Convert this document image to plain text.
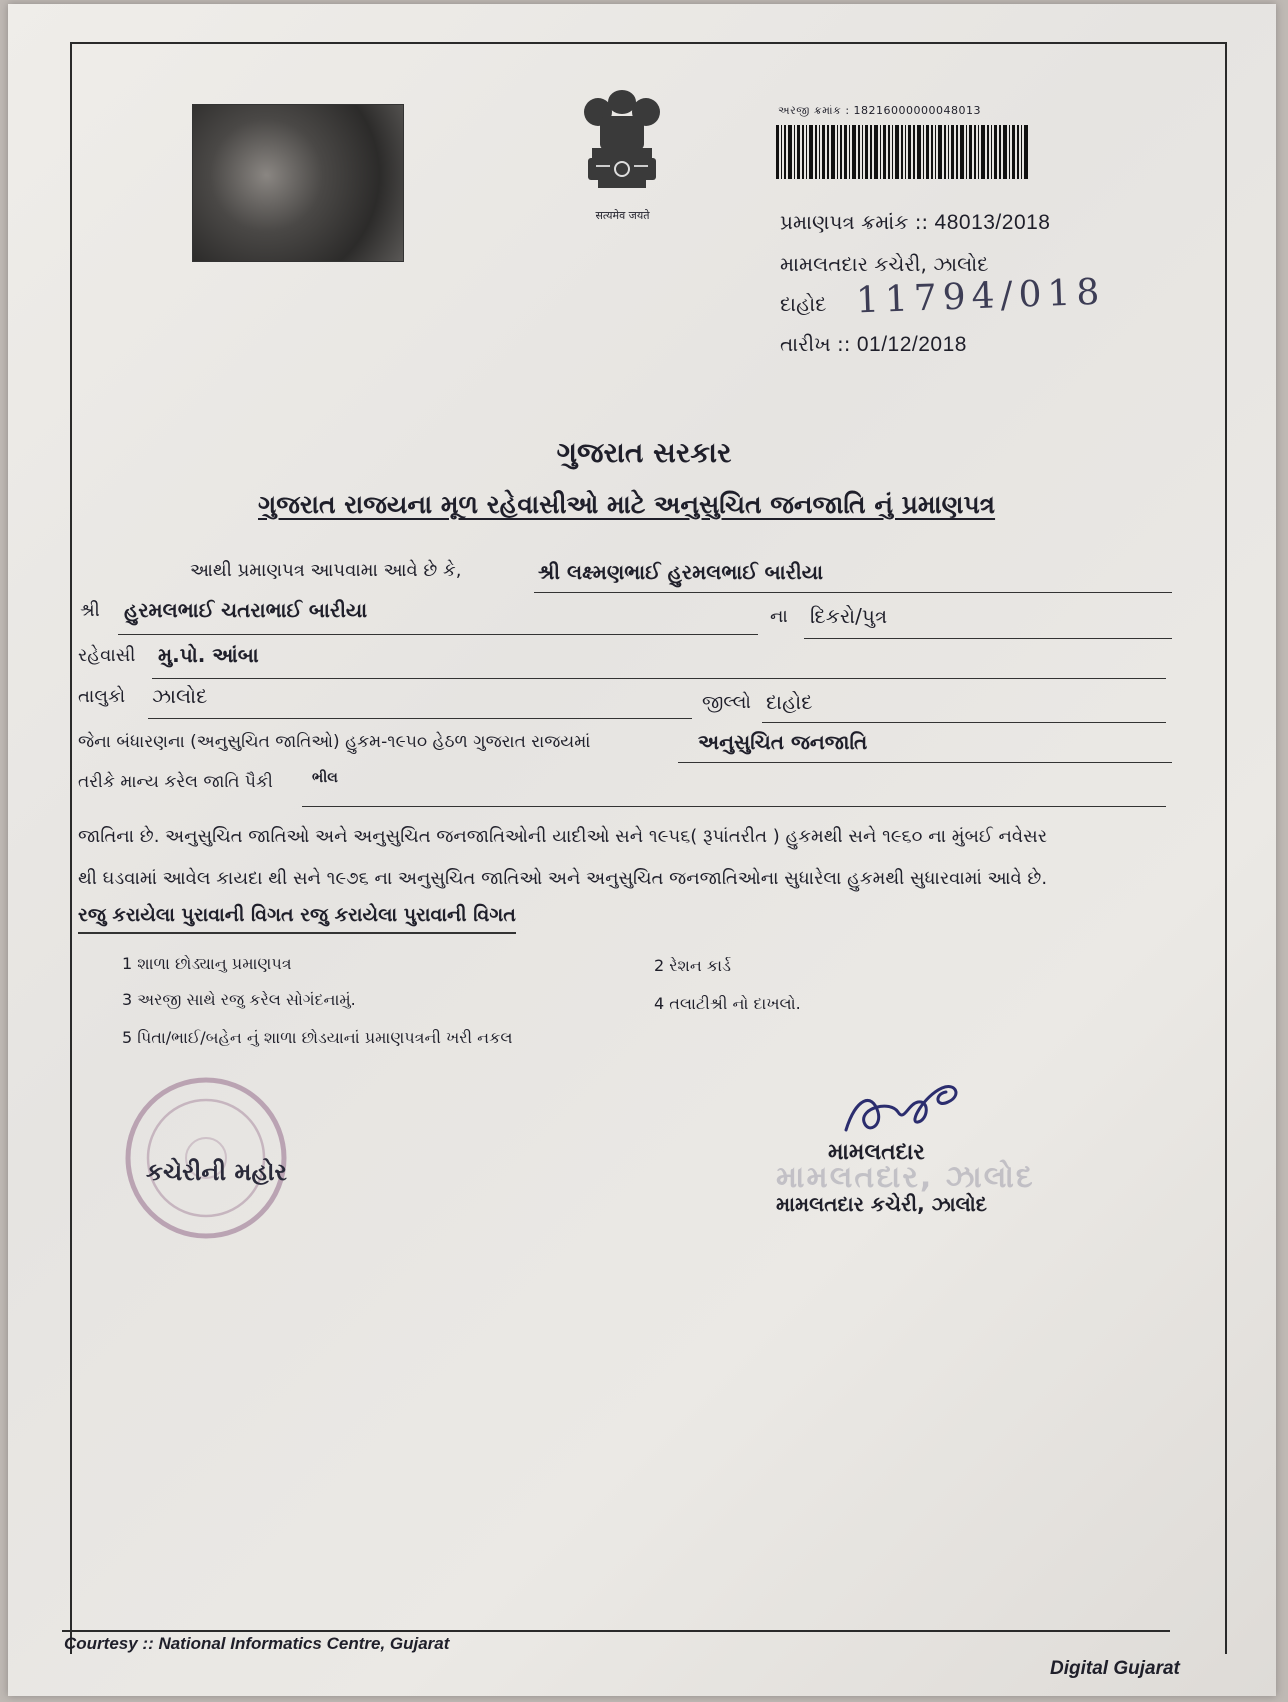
सत्यमेव जयते
અરજી ક્રમાંક : 18216000000048013
પ્રમાણપત્ર ક્રમાંક :: 48013/2018
મામલતદાર કચેરી, ઝાલોદ
દાહોદ 11794/018
તારીખ :: 01/12/2018
ગુજરાત સરકાર
ગુજરાત રાજયના મૂળ રહેવાસીઓ માટે અનુસુચિત જનજાતિ નું પ્રમાણપત્ર
આથી પ્રમાણપત્ર આપવામા આવે છે કે,	શ્રી લક્ષ્મણભાઈ હુરમલભાઈ બારીયા
શ્રી હુરમલભાઈ ચતરાભાઈ બારીયા	ના દિકરો/પુત્ર
રહેવાસી મુ.પો. આંબા
તાલુકો ઝાલોદ	જીલ્લો દાહોદ
જેના બંધારણના (અનુસુચિત જાતિઓ) હુકમ-૧૯૫૦ હેઠળ ગુજરાત રાજયમાં	અનુસુચિત જનજાતિ
તરીકે માન્ય કરેલ જાતિ પૈકી	ભીલ
જાતિના છે. અનુસુચિત જાતિઓ અને અનુસુચિત જનજાતિઓની યાદીઓ સને ૧૯૫૬( રૂપાંતરીત ) હુકમથી સને ૧૯૬૦ ના મુંબઈ નવેસર
થી ઘડવામાં આવેલ કાયદા થી સને ૧૯૭૬ ના અનુસુચિત જાતિઓ અને અનુસુચિત જનજાતિઓના સુધારેલા હુકમથી સુધારવામાં આવે છે.
રજુ કરાયેલા પુરાવાની વિગત રજુ કરાયેલા પુરાવાની વિગત
1 શાળા છોડ્યાનુ પ્રમાણપત્ર	2 રેશન કાર્ડ
3 અરજી સાથે રજુ કરેલ સોગંદનામું.	4 તલાટીશ્રી નો દાખલો.
5 પિતા/ભાઈ/બહેન નું શાળા છોડયાનાં પ્રમાણપત્રની ખરી નકલ
કચેરીની મહોર
મામલતદાર
મામલતદાર, ઝાલોદ
મામલતદાર કચેરી, ઝાલોદ
Courtesy :: National Informatics Centre, Gujarat
Digital Gujarat
